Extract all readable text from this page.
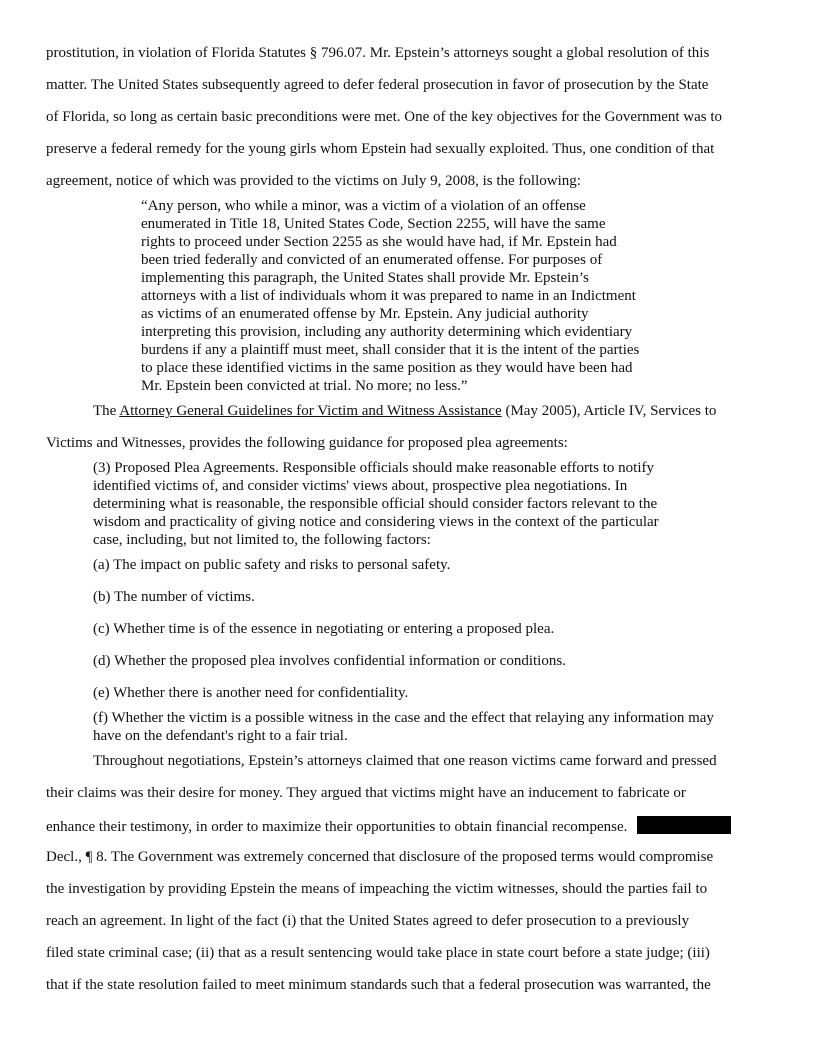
prostitution, in violation of Florida Statutes § 796.07. Mr. Epstein’s attorneys sought a global resolution of this
matter. The United States subsequently agreed to defer federal prosecution in favor of prosecution by the State
of Florida, so long as certain basic preconditions were met. One of the key objectives for the Government was to
preserve a federal remedy for the young girls whom Epstein had sexually exploited. Thus, one condition of that
agreement, notice of which was provided to the victims on July 9, 2008, is the following:
“Any person, who while a minor, was a victim of a violation of an offense
enumerated in Title 18, United States Code, Section 2255, will have the same
rights to proceed under Section 2255 as she would have had, if Mr. Epstein had
been tried federally and convicted of an enumerated offense. For purposes of
implementing this paragraph, the United States shall provide Mr. Epstein’s
attorneys with a list of individuals whom it was prepared to name in an Indictment
as victims of an enumerated offense by Mr. Epstein. Any judicial authority
interpreting this provision, including any authority determining which evidentiary
burdens if any a plaintiff must meet, shall consider that it is the intent of the parties
to place these identified victims in the same position as they would have been had
Mr. Epstein been convicted at trial. No more; no less.”
The Attorney General Guidelines for Victim and Witness Assistance (May 2005), Article IV, Services to
Victims and Witnesses, provides the following guidance for proposed plea agreements:
(3) Proposed Plea Agreements. Responsible officials should make reasonable efforts to notify
identified victims of, and consider victims' views about, prospective plea negotiations. In
determining what is reasonable, the responsible official should consider factors relevant to the
wisdom and practicality of giving notice and considering views in the context of the particular
case, including, but not limited to, the following factors:
(a) The impact on public safety and risks to personal safety.
(b) The number of victims.
(c) Whether time is of the essence in negotiating or entering a proposed plea.
(d) Whether the proposed plea involves confidential information or conditions.
(e) Whether there is another need for confidentiality.
(f) Whether the victim is a possible witness in the case and the effect that relaying any information may
have on the defendant's right to a fair trial.
Throughout negotiations, Epstein’s attorneys claimed that one reason victims came forward and pressed
their claims was their desire for money. They argued that victims might have an inducement to fabricate or
enhance their testimony, in order to maximize their opportunities to obtain financial recompense.
Decl., ¶ 8. The Government was extremely concerned that disclosure of the proposed terms would compromise
the investigation by providing Epstein the means of impeaching the victim witnesses, should the parties fail to
reach an agreement. In light of the fact (i) that the United States agreed to defer prosecution to a previously
filed state criminal case; (ii) that as a result sentencing would take place in state court before a state judge; (iii)
that if the state resolution failed to meet minimum standards such that a federal prosecution was warranted, the
